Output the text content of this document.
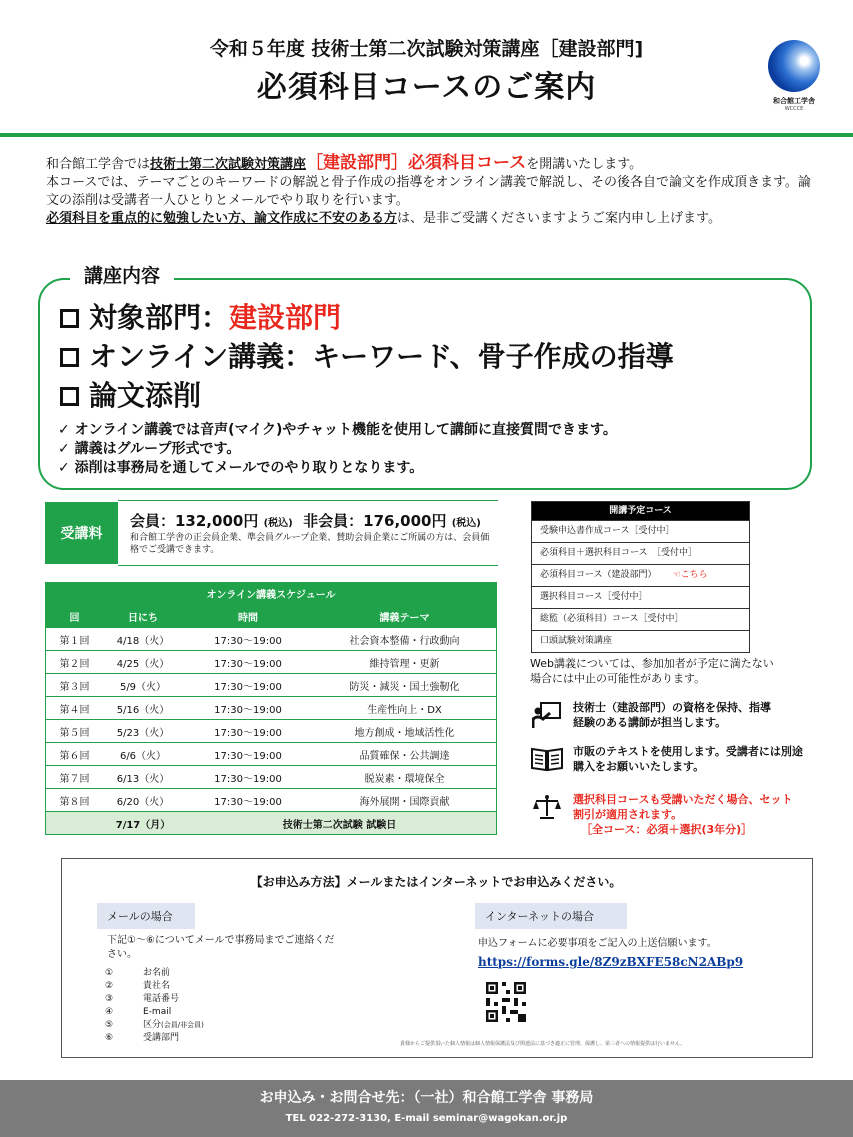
令和５年度 技術士第二次試験対策講座［建設部門]
必須科目コースのご案内	和合館工学舎
WCCCE
和合館工学舎では技術士第二次試験対策講座［建設部門］必須科目コースを開講いたします。
本コースでは、テーマごとのキーワードの解説と骨子作成の指導をオンライン講義で解説し、その後各自で論文を作成頂きます。論文の添削は受講者一人ひとりとメールでやり取りを行います。
必須科目を重点的に勉強したい方、論文作成に不安のある方は、是非ご受講くださいますようご案内申し上げます。
講座内容
対象部門：建設部門
オンライン講義：キーワード、骨子作成の指導
論文添削
✓ オンライン講義では音声(マイク)やチャット機能を使用して講師に直接質問できます。
✓ 講義はグループ形式です。
✓ 添削は事務局を通してメールでのやり取りとなります。
受講料
会員：132,000円 (税込) 非会員：176,000円 (税込)
和合館工学舎の正会員企業、準会員グループ企業、賛助会員企業にご所属の方は、会員価格でご受講できます。
オンライン講義スケジュール			
回	日にち	時間	講義テーマ
第１回	4/18（火）	17:30～19:00	社会資本整備・行政動向
第２回	4/25（火）	17:30～19:00	維持管理・更新
第３回	5/9（火）	17:30～19:00	防災・減災・国土強靭化
第４回	5/16（火）	17:30～19:00	生産性向上・DX
第５回	5/23（火）	17:30～19:00	地方創成・地域活性化
第６回	6/6（火）	17:30～19:00	品質確保・公共調達
第７回	6/13（火）	17:30～19:00	脱炭素・環境保全
第８回	6/20（火）	17:30～19:00	海外展開・国際貢献
	7/17（月）	技術士第二次試験 試験日	
開講予定コース
受験申込書作成コース［受付中］
必須科目＋選択科目コース　［受付中］
必須科目コース（建設部門） ☜こちら
選択科目コース［受付中］
総監（必須科目）コース［受付中］
口頭試験対策講座
Web講義については、参加加者が予定に満たない場合には中止の可能性があります。
技術士（建設部門）の資格を保持、指導経験のある講師が担当します。
市販のテキストを使用します。受講者には別途購入をお願いいたします。
選択科目コースも受講いただく場合、セット割引が適用されます。
［全コース：必須＋選択(3年分)］
【お申込み方法】メールまたはインターネットでお申込みください。
メールの場合
下記①～⑥についてメールで事務局までご連絡ください。
①	お名前
②	貴社名
③	電話番号
④	E-mail
⑤	区分(会員/非会員)
⑥	受講部門
インターネットの場合
申込フォームに必要事項をご記入の上送信願います。
https://forms.gle/8Z9zBXFE58cN2ABp9
貴様からご提供頂いた個人情報は個人情報保護法及び関連法に基づき適正に管理、保護し、第三者への情報提供は行いません。
お申込み・お問合せ先：（一社）和合館工学舎 事務局
TEL 022-272-3130, E-mail seminar@wagokan.or.jp
